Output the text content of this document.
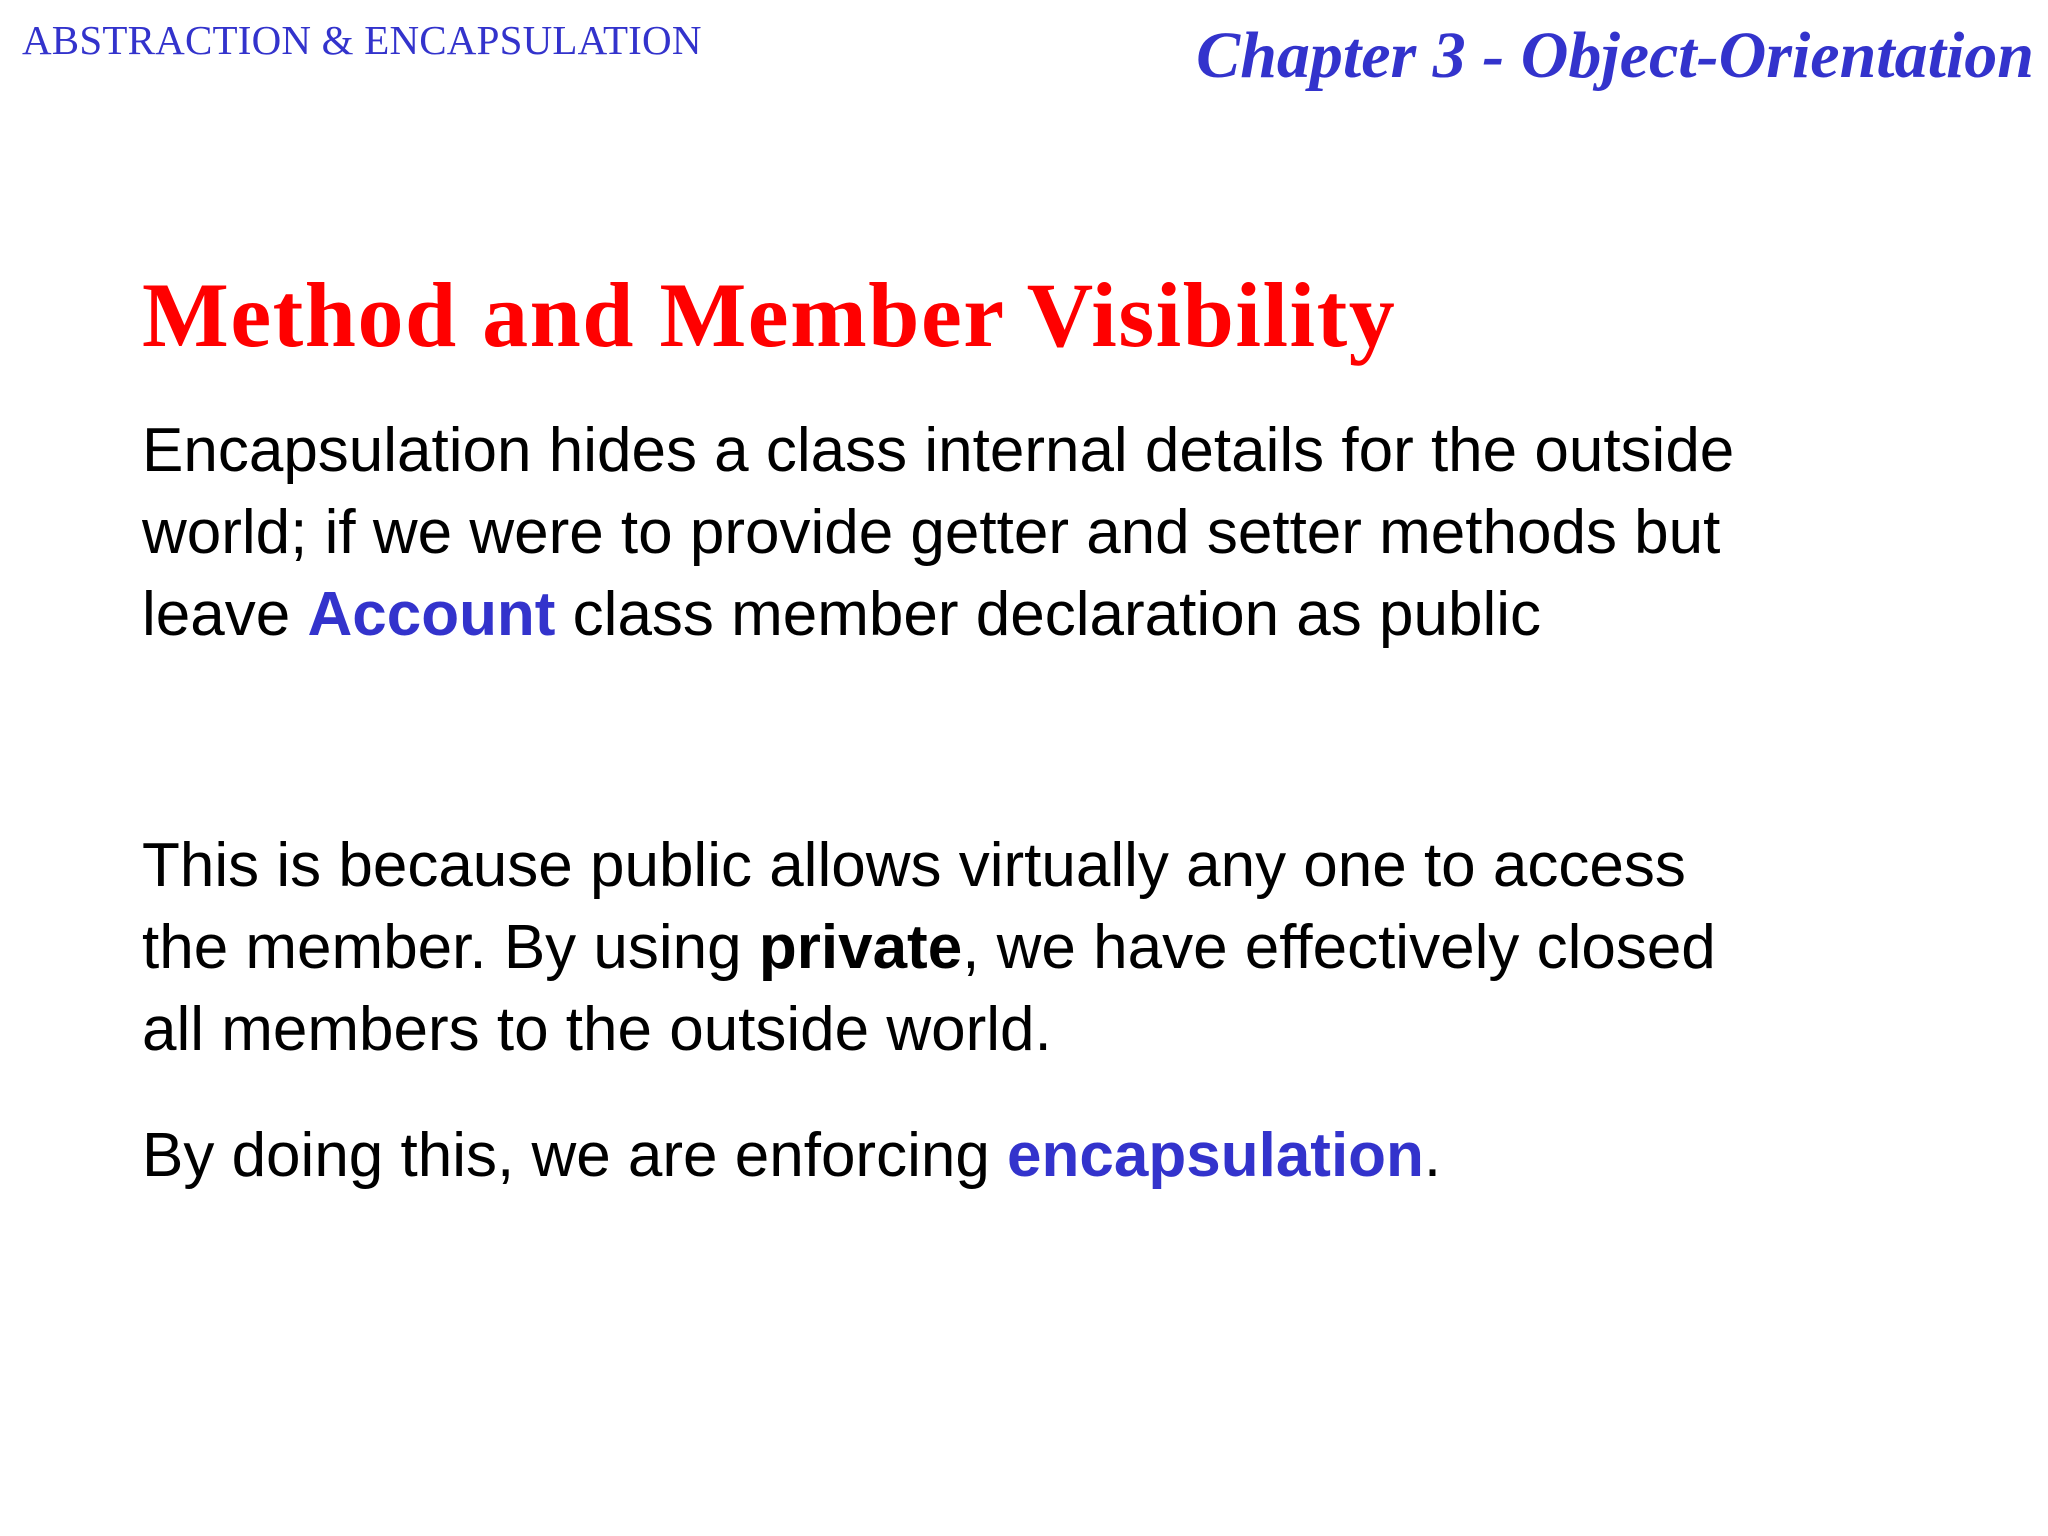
ABSTRACTION & ENCAPSULATION	Chapter 3 - Object-Orientation
Method and Member Visibility
Encapsulation hides a class internal details for the outside
world; if we were to provide getter and setter methods but
leave Account class member declaration as public
This is because public allows virtually any one to access
the member. By using private, we have effectively closed
all members to the outside world.
By doing this, we are enforcing encapsulation.
